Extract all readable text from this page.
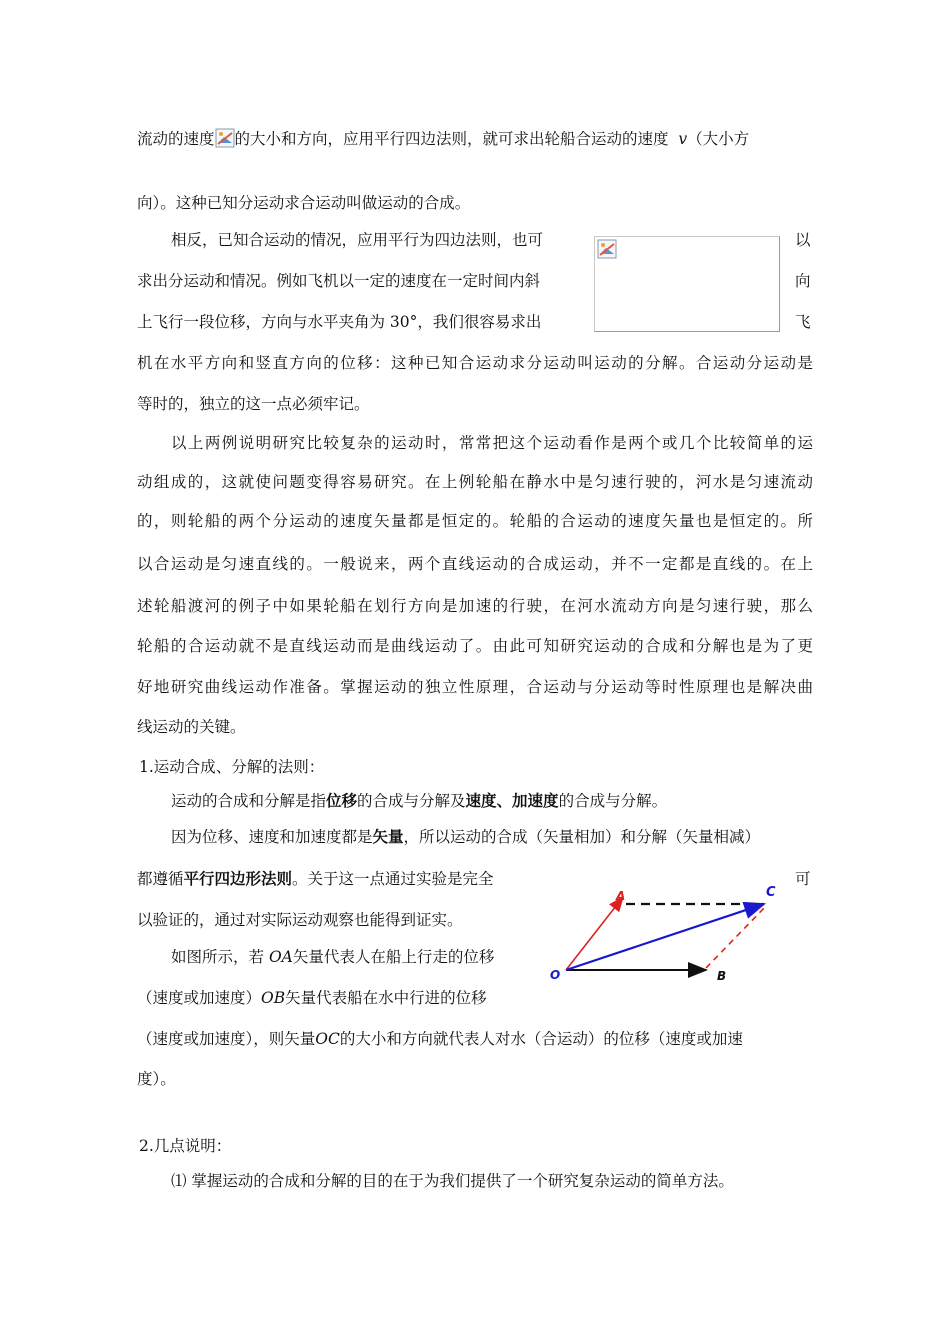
流动的速度 的大小和方向，应用平行四边法则，就可求出轮船合运动的速度 v（大小方
向）。这种已知分运动求合运动叫做运动的合成。
相反，已知合运动的情况，应用平行为四边法则，也可	以
求出分运动和情况。例如飞机以一定的速度在一定时间内斜	向
上飞行一段位移，方向与水平夹角为 30°，我们很容易求出	飞
机在水平方向和竖直方向的位移：这种已知合运动求分运动叫运动的分解。合运动分运动是
等时的，独立的这一点必须牢记。
以上两例说明研究比较复杂的运动时，常常把这个运动看作是两个或几个比较简单的运
动组成的，这就使问题变得容易研究。在上例轮船在静水中是匀速行驶的，河水是匀速流动
的，则轮船的两个分运动的速度矢量都是恒定的。轮船的合运动的速度矢量也是恒定的。所
以合运动是匀速直线的。一般说来，两个直线运动的合成运动，并不一定都是直线的。在上
述轮船渡河的例子中如果轮船在划行方向是加速的行驶，在河水流动方向是匀速行驶，那么
轮船的合运动就不是直线运动而是曲线运动了。由此可知研究运动的合成和分解也是为了更
好地研究曲线运动作准备。掌握运动的独立性原理，合运动与分运动等时性原理也是解决曲
线运动的关键。
1.运动合成、分解的法则：
运动的合成和分解是指位移的合成与分解及速度、加速度的合成与分解。
因为位移、速度和加速度都是矢量，所以运动的合成（矢量相加）和分解（矢量相减）
都遵循平行四边形法则。关于这一点通过实验是完全	可
以验证的，通过对实际运动观察也能得到证实。
如图所示，若 OA矢量代表人在船上行走的位移
（速度或加速度）OB矢量代表船在水中行进的位移
（速度或加速度），则矢量OC的大小和方向就代表人对水（合运动）的位移（速度或加速
度）。
A
B
C
O
2.几点说明：
⑴ 掌握运动的合成和分解的目的在于为我们提供了一个研究复杂运动的简单方法。
